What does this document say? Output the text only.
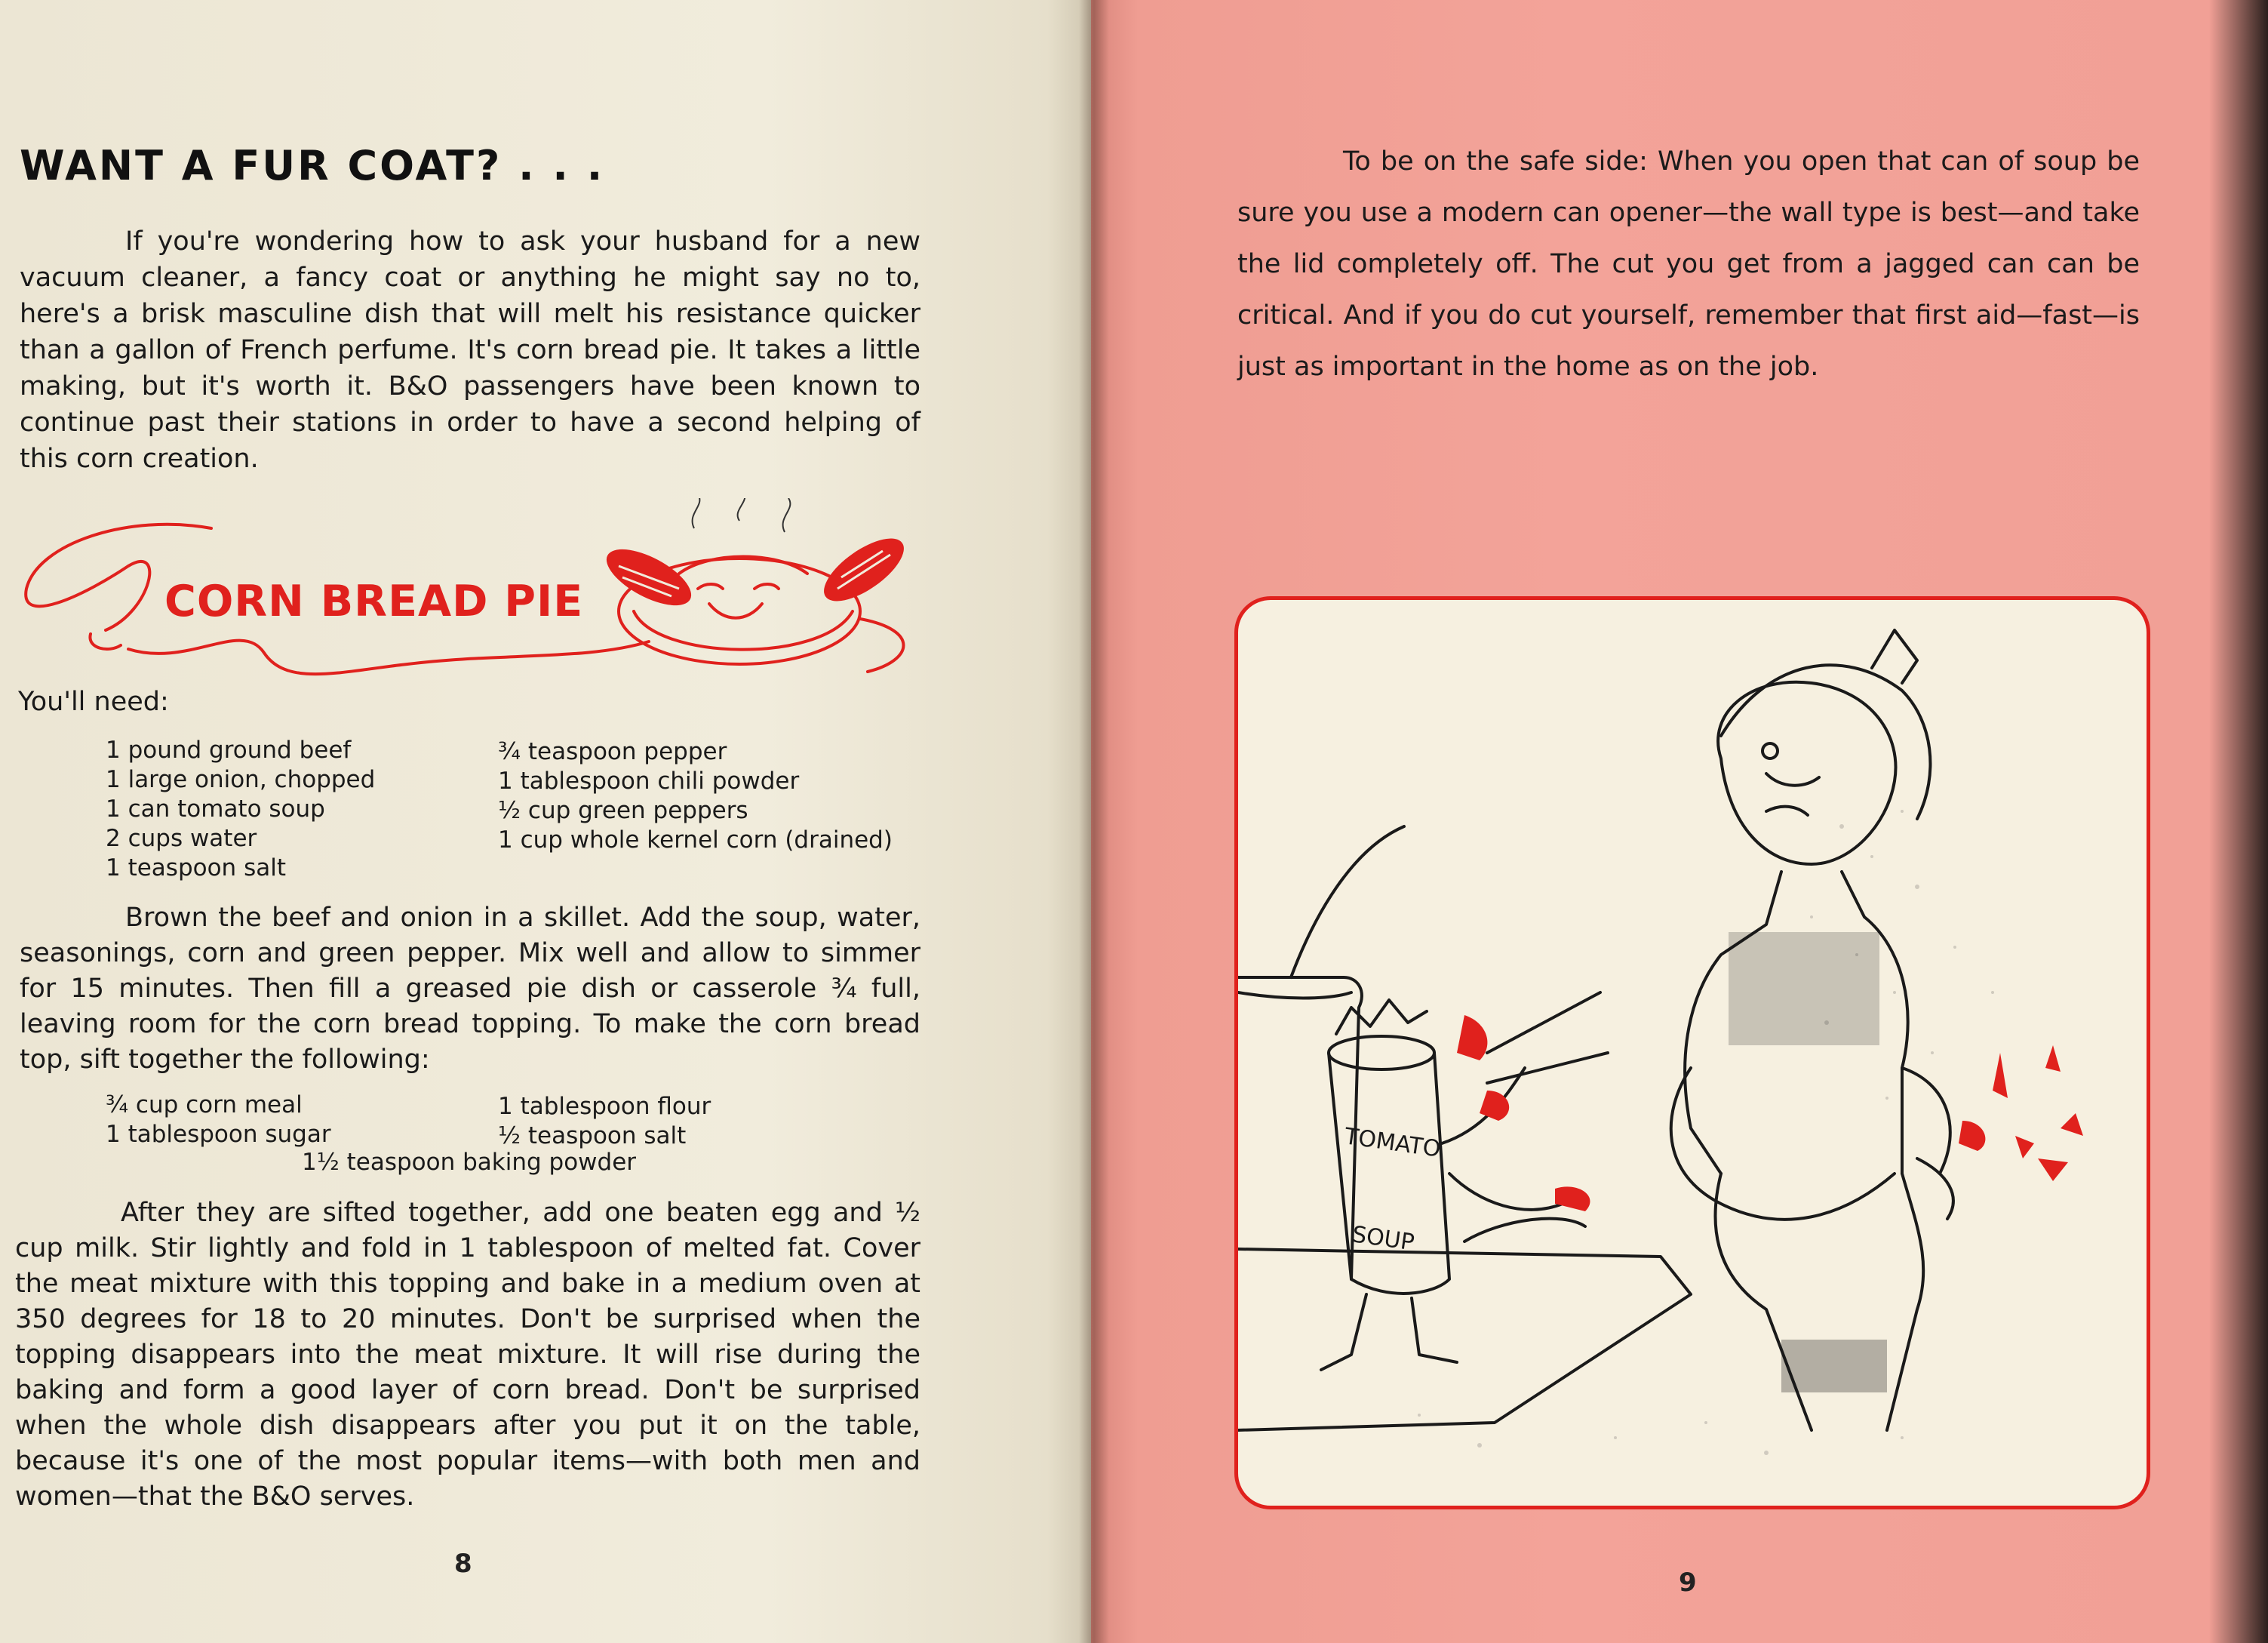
WANT A FUR COAT? . . .

If you're wondering how to ask your husband for a new vacuum cleaner, a fancy coat or anything he might say no to, here's a brisk masculine dish that will melt his resistance quicker than a gallon of French perfume. It's corn bread pie. It takes a little making, but it's worth it. B&O passengers have been known to continue past their stations in order to have a second helping of this corn creation.

CORN BREAD PIE

You'll need:

1 pound ground beef
1 large onion, chopped
1 can tomato soup
2 cups water
1 teaspoon salt
¾ teaspoon pepper
1 tablespoon chili powder
½ cup green peppers
1 cup whole kernel corn (drained)

Brown the beef and onion in a skillet. Add the soup, water, seasonings, corn and green pepper. Mix well and allow to simmer for 15 minutes. Then fill a greased pie dish or casserole ¾ full, leaving room for the corn bread topping. To make the corn bread top, sift together the following:

¾ cup corn meal
1 tablespoon sugar
1 tablespoon flour
½ teaspoon salt

1½ teaspoon baking powder

After they are sifted together, add one beaten egg and ½ cup milk. Stir lightly and fold in 1 tablespoon of melted fat. Cover the meat mixture with this topping and bake in a medium oven at 350 degrees for 18 to 20 minutes. Don't be surprised when the topping disappears into the meat mixture. It will rise during the baking and form a good layer of corn bread. Don't be surprised when the whole dish disappears after you put it on the table, because it's one of the most popular items—with both men and women—that the B&O serves.

8

To be on the safe side: When you open that can of soup be sure you use a modern can opener—the wall type is best—and take the lid completely off. The cut you get from a jagged can can be critical. And if you do cut yourself, remember that first aid—fast—is just as important in the home as on the job.

TOMATO
SOUP

9
